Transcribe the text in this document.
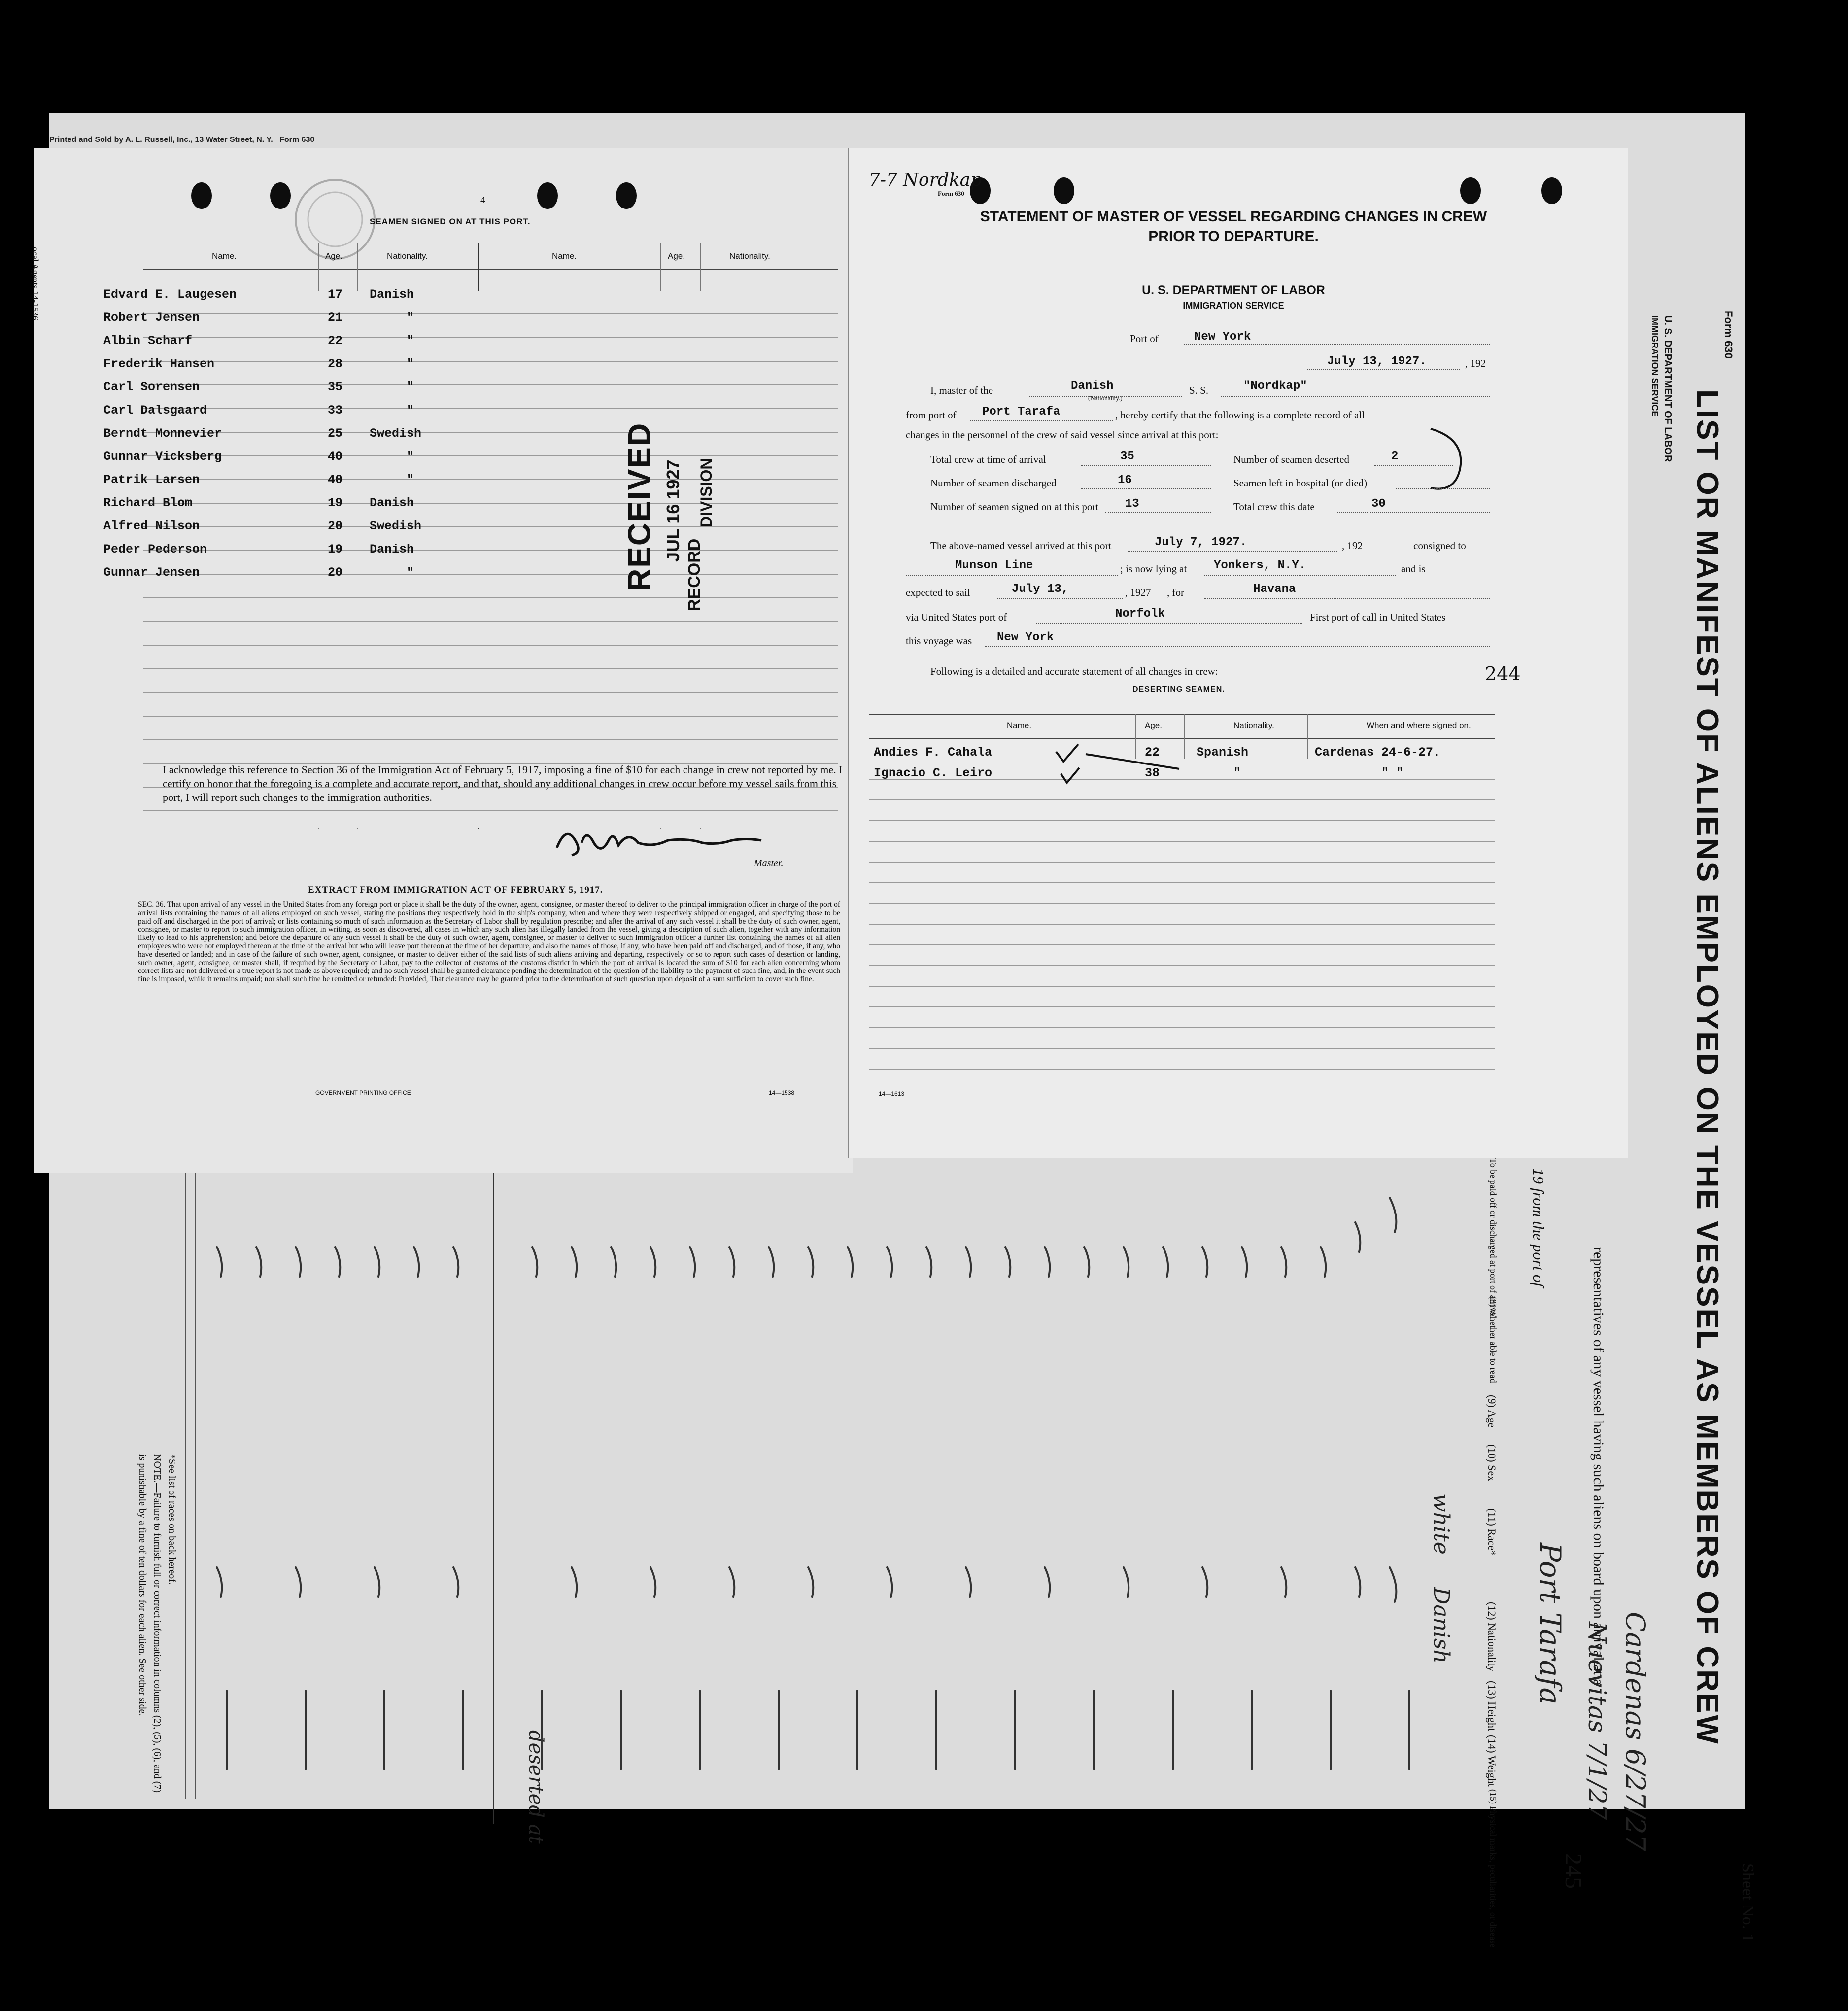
Form 630
U. S. DEPARTMENT OF LABOR
IMMIGRATION SERVICE
LIST OR MANIFEST OF ALIENS EMPLOYED ON THE VESSEL AS MEMBERS OF CREW
representatives of any vessel having such aliens on board upon arrival at a
19 from the port of
Port Tarafa Cardenas 6/27/27
Nuevitas 7/1/27
Sheet No. 1
245
To be paid off or discharged at port of arrival
(8) Whether able to read
(9) Age
(10) Sex
(11) Race*
(12) Nationality
(13) Height
(14) Weight
(15) Physical marks, peculiarities, or disease
white
Danish
deserted at
*See list of races on back hereof.
NOTE.—Failure to furnish full or correct information in columns (2), (5), (6), and (7)
is punishable by a fine of ten dollars for each alien. See other side.
Printed and Sold by A. L. Russell, Inc., 13 Water Street, N. Y. Form 630
Local Agents 14-1536
4
SEAMEN SIGNED ON AT THIS PORT.
Name.	Age.	Nationality.	Name.	Age.	Nationality.
Edvard E. Laugesen	17 Danish
Robert Jensen	21	"
Albin Scharf	22	"
Frederik Hansen	28	"
Carl Sorensen	35	"
Carl Dalsgaard	33	"
Berndt Monnevier	25 Swedish
Gunnar Vicksberg	40	"
Patrik Larsen	40	"
Richard Blom	19 Danish
Alfred Nilson	20 Swedish
Peder Pederson	19 Danish
Gunnar Jensen	20	"	RECEIVED JUL 16 1927
RECORD
DIVISION
I acknowledge this reference to Section 36 of the Immigration Act of February 5, 1917, imposing a fine of $10 for each change in crew not reported by me. I certify on honor that the foregoing is a complete and accurate report, and that, should any additional changes in crew occur before my vessel sails from this port, I will report such changes to the immigration authorities.
Master.
EXTRACT FROM IMMIGRATION ACT OF FEBRUARY 5, 1917.
SEC. 36. That upon arrival of any vessel in the United States from any foreign port or place it shall be the duty of the owner, agent, consignee, or master thereof to deliver to the principal immigration officer in charge of the port of arrival lists containing the names of all aliens employed on such vessel, stating the positions they respectively hold in the ship's company, when and where they were respectively shipped or engaged, and specifying those to be paid off and discharged in the port of arrival; or lists containing so much of such information as the Secretary of Labor shall by regulation prescribe; and after the arrival of any such vessel it shall be the duty of such owner, agent, consignee, or master to report to such immigration officer, in writing, as soon as discovered, all cases in which any such alien has illegally landed from the vessel, giving a description of such alien, together with any information likely to lead to his apprehension; and before the departure of any such vessel it shall be the duty of such owner, agent, consignee, or master to deliver to such immigration officer a further list containing the names of all alien employees who were not employed thereon at the time of the arrival but who will leave port thereon at the time of her departure, and also the names of those, if any, who have been paid off and discharged, and of those, if any, who have deserted or landed; and in case of the failure of such owner, agent, consignee, or master to deliver either of the said lists of such aliens arriving and departing, respectively, or so to report such cases of desertion or landing, such owner, agent, consignee, or master shall, if required by the Secretary of Labor, pay to the collector of customs of the customs district in which the port of arrival is located the sum of $10 for each alien concerning whom correct lists are not delivered or a true report is not made as above required; and no such vessel shall be granted clearance pending the determination of the question of the liability to the payment of such fine, and, in the event such fine is imposed, while it remains unpaid; nor shall such fine be remitted or refunded: Provided, That clearance may be granted prior to the determination of such question upon deposit of a sum sufficient to cover such fine.
GOVERNMENT PRINTING OFFICE	14—1538
7-7 Nordkap
Form 630
STATEMENT OF MASTER OF VESSEL REGARDING CHANGES IN CREW
PRIOR TO DEPARTURE.
U. S. DEPARTMENT OF LABOR
IMMIGRATION SERVICE
Port of	New York
July 13, 1927.	, 192
I, master of the	Danish
(Nationality.)
S. S.	"Nordkap"
from port of Port Tarafa	, hereby certify that the following is a complete record of all
changes in the personnel of the crew of said vessel since arrival at this port:
Total crew at time of arrival	35	Number of seamen deserted	2
Number of seamen discharged	16	Seamen left in hospital (or died)
Number of seamen signed on at this port 13	Total crew this date	30
The above-named vessel arrived at this port	July 7, 1927.	, 192	consigned to
Munson Line	; is now lying at Yonkers, N.Y.	and is
expected to sail	July 13,	, 1927 , for	Havana
via United States port of	Norfolk	First port of call in United States
this voyage was New York
Following is a detailed and accurate statement of all changes in crew:	244
DESERTING SEAMEN.
Name.	Age.	Nationality.	When and where signed on.
Andies F. Cahala	22	Spanish	Cardenas 24-6-27.
Ignacio C. Leiro	38	"	" "
14—1613
